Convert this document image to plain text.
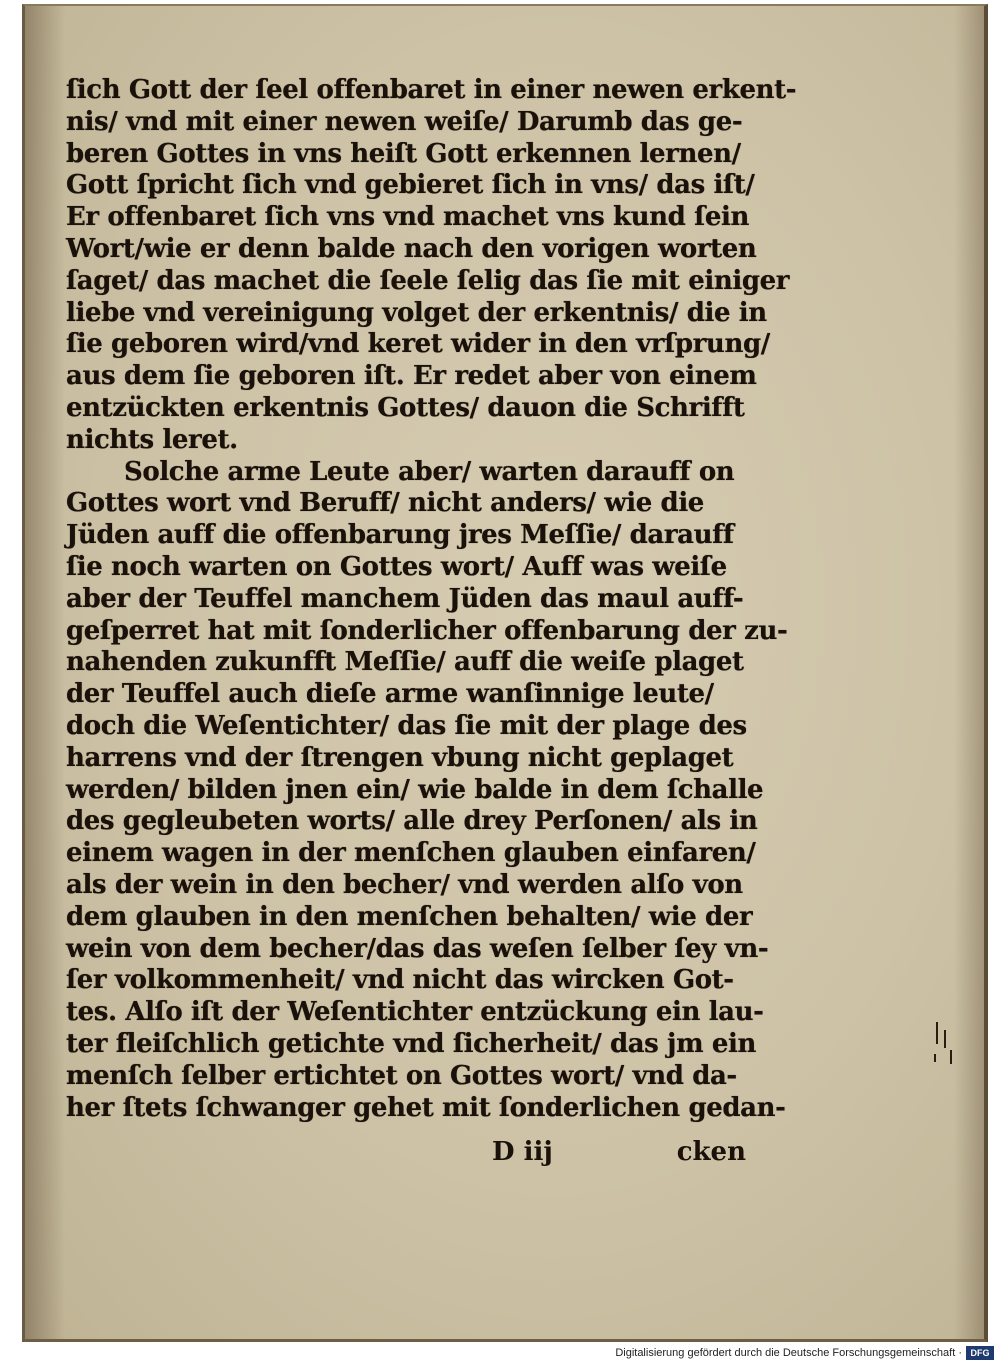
ſich Gott der ſeel offenbaret in einer newen erkent-
nis/ vnd mit einer newen weiſe/ Darumb das ge-
beren Gottes in vns heiſt Gott erkennen lernen/
Gott ſpricht ſich vnd gebieret ſich in vns/ das iſt/
Er offenbaret ſich vns vnd machet vns kund ſein
Wort/wie er denn balde nach den vorigen worten
ſaget/ das machet die ſeele ſelig das ſie mit einiger
liebe vnd vereinigung volget der erkentnis/ die in
ſie geboren wird/vnd keret wider in den vrſprung/
aus dem ſie geboren iſt. Er redet aber von einem
entzückten erkentnis Gottes/ dauon die Schrifft
nichts leret.
Solche arme Leute aber/ warten darauff on
Gottes wort vnd Beruff/ nicht anders/ wie die
Jüden auff die offenbarung jres Meſſie/ darauff
ſie noch warten on Gottes wort/ Auff was weiſe
aber der Teuffel manchem Jüden das maul auff-
geſperret hat mit ſonderlicher offenbarung der zu-
nahenden zukunfft Meſſie/ auff die weiſe plaget
der Teuffel auch dieſe arme wanſinnige leute/
doch die Weſentichter/ das ſie mit der plage des
harrens vnd der ſtrengen vbung nicht geplaget
werden/ bilden jnen ein/ wie balde in dem ſchalle
des gegleubeten worts/ alle drey Perſonen/ als in
einem wagen in der menſchen glauben einfaren/
als der wein in den becher/ vnd werden alſo von
dem glauben in den menſchen behalten/ wie der
wein von dem becher/das das weſen ſelber ſey vn-
ſer volkommenheit/ vnd nicht das wircken Got-
tes. Alſo iſt der Weſentichter entzückung ein lau-
ter fleiſchlich getichte vnd ſicherheit/ das jm ein
menſch ſelber ertichtet on Gottes wort/ vnd da-
her ſtets ſchwanger gehet mit ſonderlichen gedan-
D iij	cken
Digitalisierung gefördert durch die Deutsche Forschungsgemeinschaft · DFG
